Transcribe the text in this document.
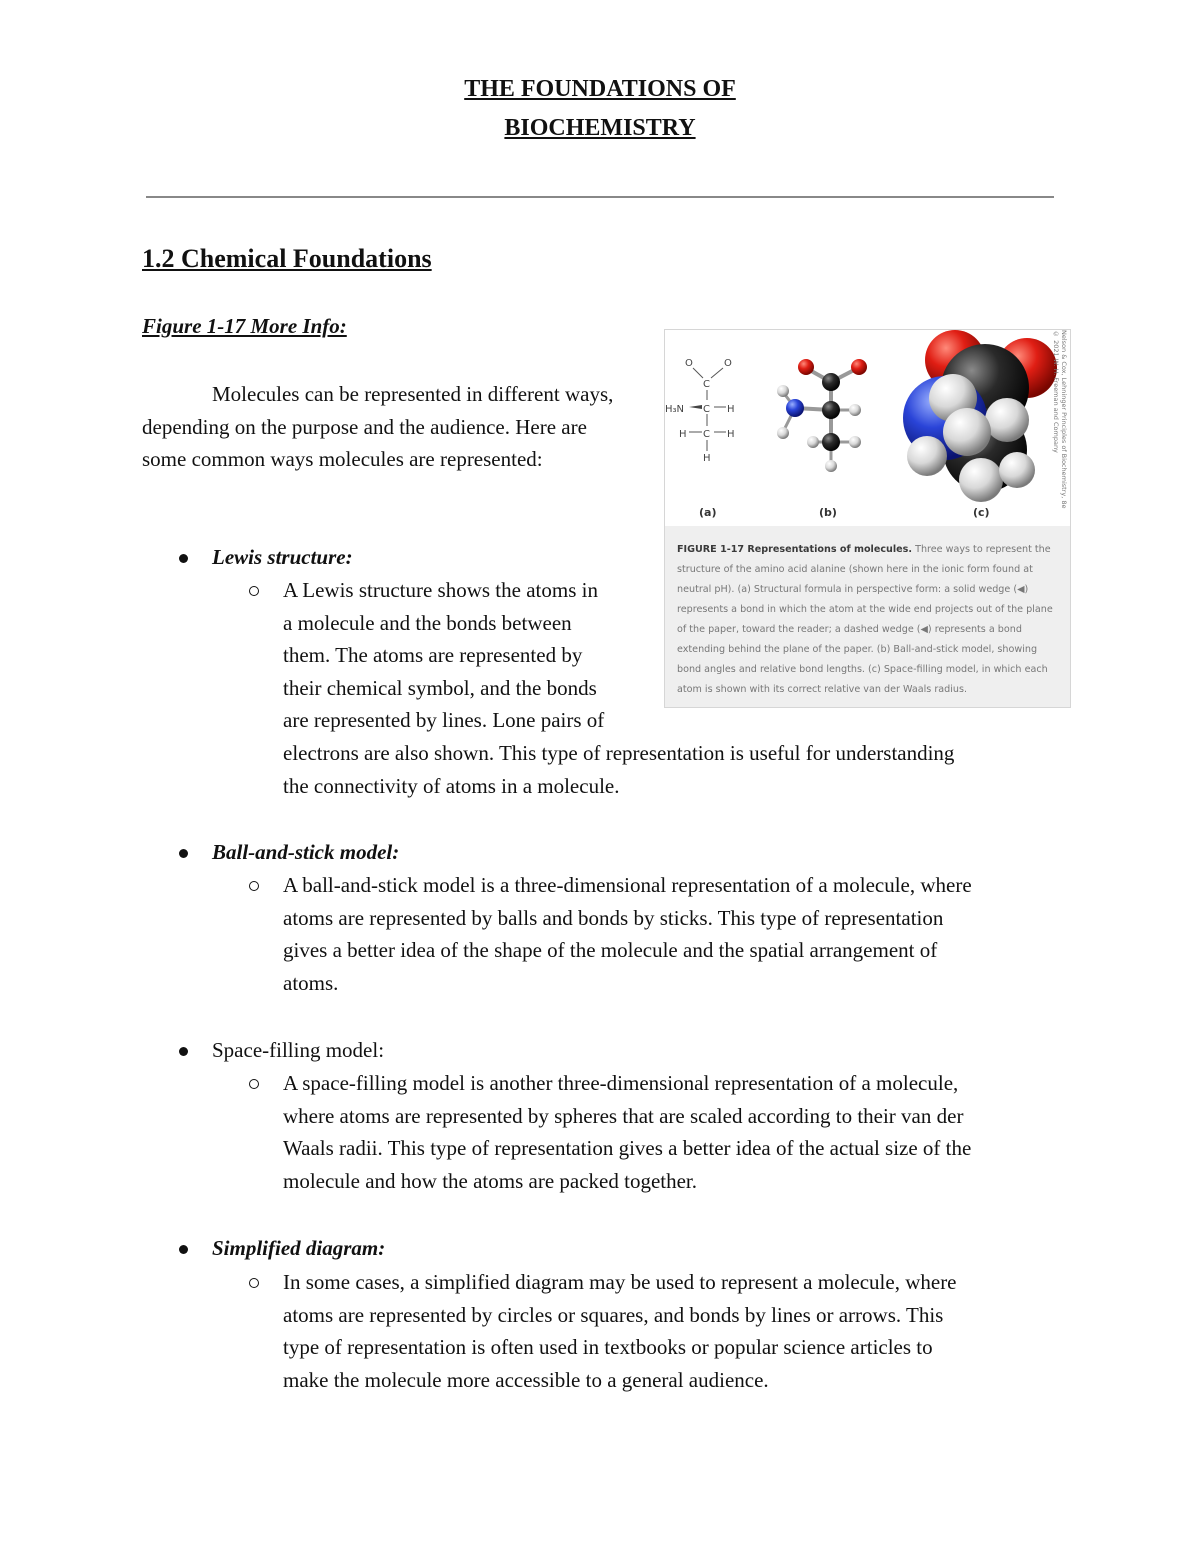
THE FOUNDATIONS OF
BIOCHEMISTRY
1.2 Chemical Foundations
Figure 1-17 More Info:
Molecules can be represented in different ways, depending on the purpose and the audience. Here are some common ways molecules are represented:
O	O
C
H₃N C H
H C H
H	Nelson & Cox, Lehninger Principles of Biochemistry, 8e © 2021 W. H. Freeman and Company
(a)	(b)	(c)
FIGURE 1-17 Representations of molecules. Three ways to represent the structure of the amino acid alanine (shown here in the ionic form found at neutral pH). (a) Structural formula in perspective form: a solid wedge (◀) represents a bond in which the atom at the wide end projects out of the plane of the paper, toward the reader; a dashed wedge (◀) represents a bond extending behind the plane of the paper. (b) Ball-and-stick model, showing bond angles and relative bond lengths. (c) Space-filling model, in which each atom is shown with its correct relative van der Waals radius.
Lewis structure:
A Lewis structure shows the atoms in
a molecule and the bonds between
them. The atoms are represented by
their chemical symbol, and the bonds
are represented by lines. Lone pairs of
electrons are also shown. This type of representation is useful for understanding
the connectivity of atoms in a molecule.
Ball-and-stick model:
A ball-and-stick model is a three-dimensional representation of a molecule, where
atoms are represented by balls and bonds by sticks. This type of representation
gives a better idea of the shape of the molecule and the spatial arrangement of
atoms.
Space-filling model:
A space-filling model is another three-dimensional representation of a molecule,
where atoms are represented by spheres that are scaled according to their van der
Waals radii. This type of representation gives a better idea of the actual size of the
molecule and how the atoms are packed together.
Simplified diagram:
In some cases, a simplified diagram may be used to represent a molecule, where
atoms are represented by circles or squares, and bonds by lines or arrows. This
type of representation is often used in textbooks or popular science articles to
make the molecule more accessible to a general audience.
